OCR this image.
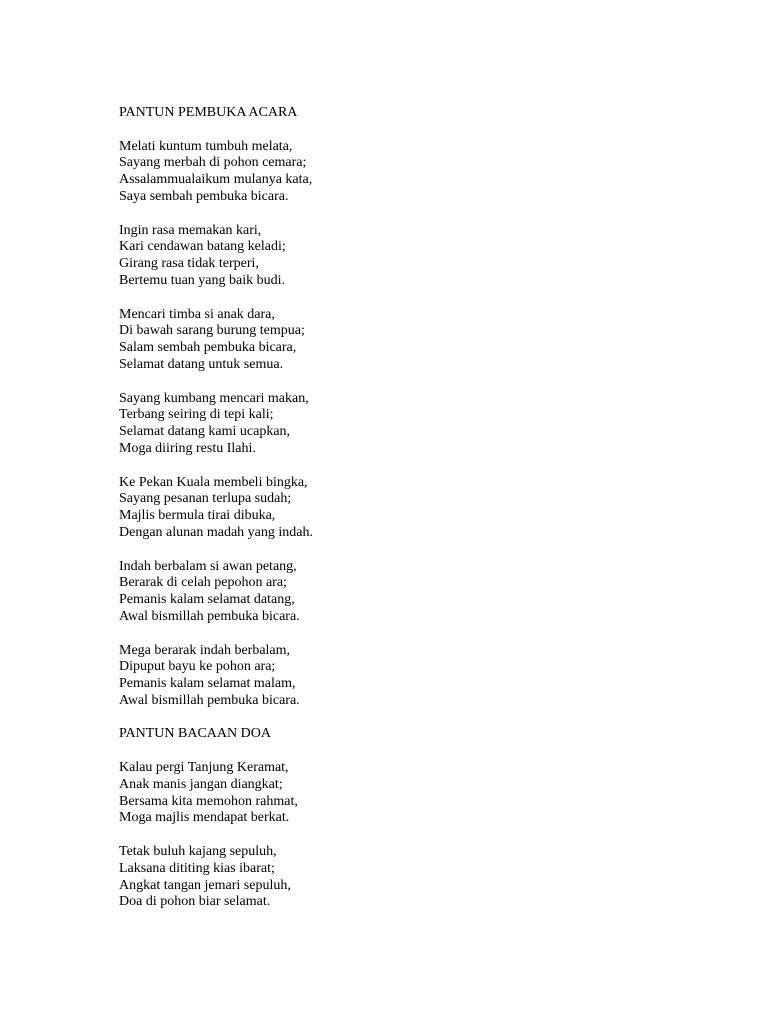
PANTUN PEMBUKA ACARA
Melati kuntum tumbuh melata,
Sayang merbah di pohon cemara;
Assalammualaikum mulanya kata,
Saya sembah pembuka bicara.
Ingin rasa memakan kari,
Kari cendawan batang keladi;
Girang rasa tidak terperi,
Bertemu tuan yang baik budi.
Mencari timba si anak dara,
Di bawah sarang burung tempua;
Salam sembah pembuka bicara,
Selamat datang untuk semua.
Sayang kumbang mencari makan,
Terbang seiring di tepi kali;
Selamat datang kami ucapkan,
Moga diiring restu Ilahi.
Ke Pekan Kuala membeli bingka,
Sayang pesanan terlupa sudah;
Majlis bermula tirai dibuka,
Dengan alunan madah yang indah.
Indah berbalam si awan petang,
Berarak di celah pepohon ara;
Pemanis kalam selamat datang,
Awal bismillah pembuka bicara.
Mega berarak indah berbalam,
Dipuput bayu ke pohon ara;
Pemanis kalam selamat malam,
Awal bismillah pembuka bicara.
PANTUN BACAAN DOA
Kalau pergi Tanjung Keramat,
Anak manis jangan diangkat;
Bersama kita memohon rahmat,
Moga majlis mendapat berkat.
Tetak buluh kajang sepuluh,
Laksana dititing kias ibarat;
Angkat tangan jemari sepuluh,
Doa di pohon biar selamat.
